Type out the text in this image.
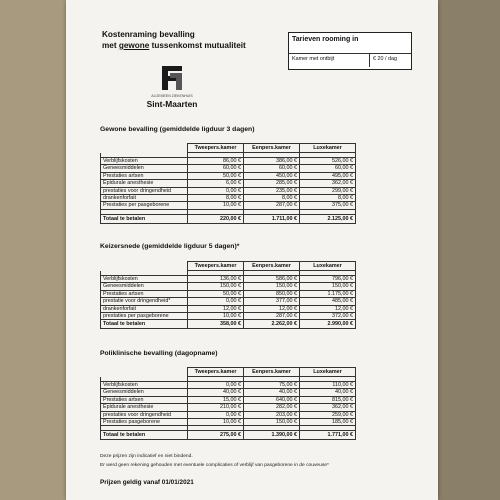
Kostenraming bevalling
met gewone tussenkomst mutualiteit
Tarieven rooming in
Kamer met ontbijt	€ 20 / dag
ALGEMEEN ZIEKENHUIS
Sint-Maarten
Gewone bevalling (gemiddelde ligduur 3 dagen)
	Tweepers.kamer	Eenpers.kamer	Luxekamer

Verblijfskosten	86,00 €	386,00 €	526,00 €
Geneesmiddelen	60,00 €	60,00 €	60,00 €
Prestaties artsen	50,00 €	450,00 €	495,00 €
Epidurale anesthesie	6,00 €	285,00 €	362,00 €
prestaties voor dringendheid	0,00 €	235,00 €	299,00 €
drankenforfait	8,00 €	8,00 €	8,00 €
Prestaties per pasgeborene	10,00 €	287,00 €	375,00 €

Totaal te betalen	220,00 €	1.711,00 €	2.125,00 €
Keizersnede (gemiddelde ligduur 5 dagen)*
	Tweepers.kamer	Eenpers.kamer	Luxekamer

Verblijfskosten	136,00 €	586,00 €	796,00 €
Geneesmiddelen	150,00 €	150,00 €	150,00 €
Prestaties artsen	50,00 €	850,00 €	1.175,00 €
prestatie voor dringendheid*	0,00 €	377,00 €	485,00 €
drankenforfait	12,00 €	12,00 €	12,00 €
prestaties per pasgeborene	10,00 €	287,00 €	372,00 €
Totaal te betalen	358,00 €	2.262,00 €	2.990,00 €
Poliklinische bevalling (dagopname)
	Tweepers.kamer	Eenpers.kamer	Luxekamer

Verblijfskosten	0,00 €	75,00 €	110,00 €
Geneesmiddelen	40,00 €	40,00 €	40,00 €
Prestaties artsen	15,00 €	640,00 €	815,00 €
Epidurale anesthesie	210,00 €	282,00 €	362,00 €
prestaties voor dringendheid	0,00 €	203,00 €	259,00 €
Prestaties pasgeborene	10,00 €	150,00 €	185,00 €

Totaal te betalen	275,00 €	1.390,00 €	1.771,00 €
Deze prijzen zijn indicatief en niet bindend.
Er werd geen rekening gehouden met eventuele complicaties of verblijf van pasgeborene in de couveuse*
Prijzen geldig vanaf 01/01/2021
